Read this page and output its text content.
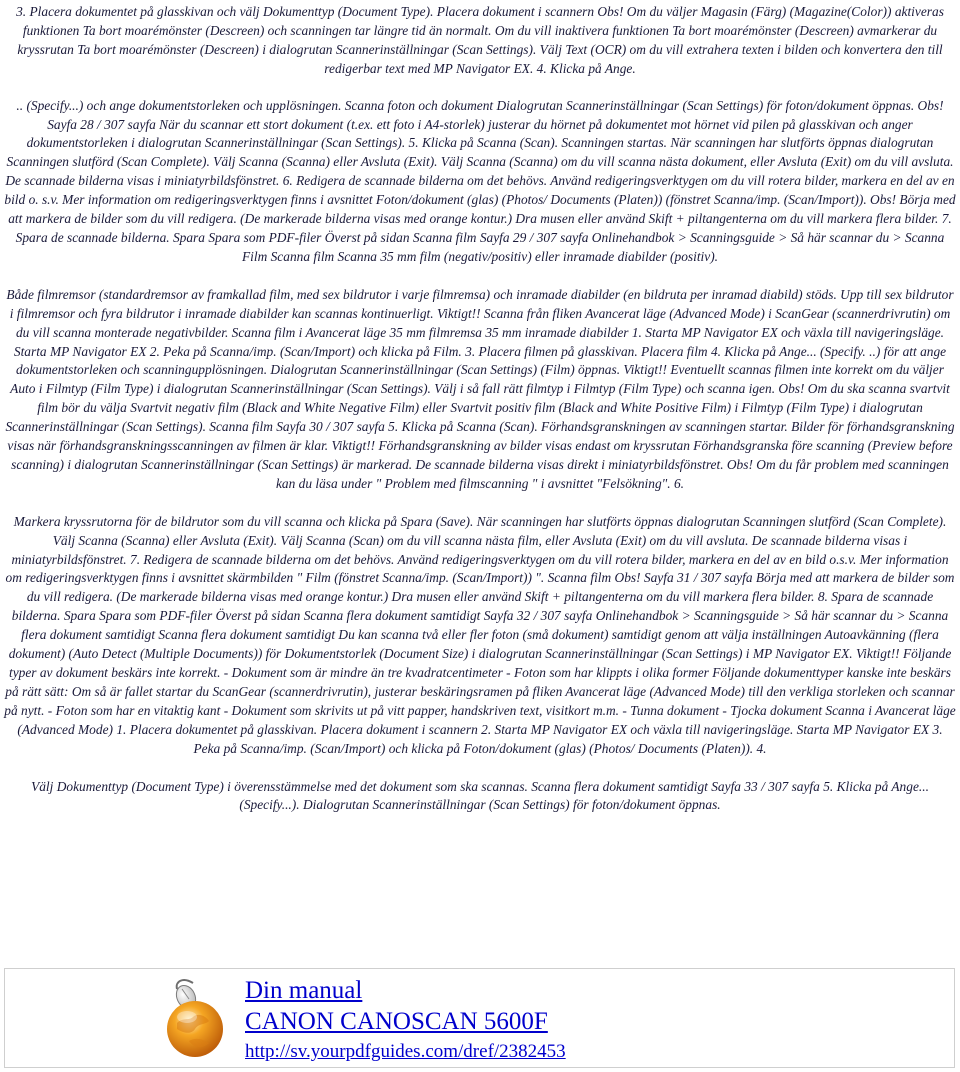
3. Placera dokumentet på glasskivan och välj Dokumenttyp (Document Type). Placera dokument i scannern Obs! Om du väljer Magasin (Färg) (Magazine(Color)) aktiveras funktionen Ta bort moarémönster (Descreen) och scanningen tar längre tid än normalt. Om du vill inaktivera funktionen Ta bort moarémönster (Descreen) avmarkerar du kryssrutan Ta bort moarémönster (Descreen) i dialogrutan Scannerinställningar (Scan Settings). Välj Text (OCR) om du vill extrahera texten i bilden och konvertera den till redigerbar text med MP Navigator EX. 4. Klicka på Ange.

.. (Specify...) och ange dokumentstorleken och upplösningen. Scanna foton och dokument Dialogrutan Scannerinställningar (Scan Settings) för foton/dokument öppnas. Obs! Sayfa 28 / 307 sayfa När du scannar ett stort dokument (t.ex. ett foto i A4-storlek) justerar du hörnet på dokumentet mot hörnet vid pilen på glasskivan och anger dokumentstorleken i dialogrutan Scannerinställningar (Scan Settings). 5. Klicka på Scanna (Scan). Scanningen startas. När scanningen har slutförts öppnas dialogrutan Scanningen slutförd (Scan Complete). Välj Scanna (Scanna) eller Avsluta (Exit). Välj Scanna (Scanna) om du vill scanna nästa dokument, eller Avsluta (Exit) om du vill avsluta. De scannade bilderna visas i miniatyrbildsfönstret. 6. Redigera de scannade bilderna om det behövs. Använd redigeringsverktygen om du vill rotera bilder, markera en del av en bild o. s.v. Mer information om redigeringsverktygen finns i avsnittet Foton/dokument (glas) (Photos/ Documents (Platen)) (fönstret Scanna/imp. (Scan/Import)). Obs! Börja med att markera de bilder som du vill redigera. (De markerade bilderna visas med orange kontur.) Dra musen eller använd Skift + piltangenterna om du vill markera flera bilder. 7. Spara de scannade bilderna. Spara Spara som PDF-filer Överst på sidan Scanna film Sayfa 29 / 307 sayfa Onlinehandbok > Scanningsguide > Så här scannar du > Scanna Film Scanna film Scanna 35 mm film (negativ/positiv) eller inramade diabilder (positiv).

Både filmremsor (standardremsor av framkallad film, med sex bildrutor i varje filmremsa) och inramade diabilder (en bildruta per inramad diabild) stöds. Upp till sex bildrutor i filmremsor och fyra bildrutor i inramade diabilder kan scannas kontinuerligt. Viktigt!! Scanna från fliken Avancerat läge (Advanced Mode) i ScanGear (scannerdrivrutin) om du vill scanna monterade negativbilder. Scanna film i Avancerat läge 35 mm filmremsa 35 mm inramade diabilder 1. Starta MP Navigator EX och växla till navigeringsläge. Starta MP Navigator EX 2. Peka på Scanna/imp. (Scan/Import) och klicka på Film. 3. Placera filmen på glasskivan. Placera film 4. Klicka på Ange... (Specify. ..) för att ange dokumentstorleken och scanningupplösningen. Dialogrutan Scannerinställningar (Scan Settings) (Film) öppnas. Viktigt!! Eventuellt scannas filmen inte korrekt om du väljer Auto i Filmtyp (Film Type) i dialogrutan Scannerinställningar (Scan Settings). Välj i så fall rätt filmtyp i Filmtyp (Film Type) och scanna igen. Obs! Om du ska scanna svartvit film bör du välja Svartvit negativ film (Black and White Negative Film) eller Svartvit positiv film (Black and White Positive Film) i Filmtyp (Film Type) i dialogrutan Scannerinställningar (Scan Settings). Scanna film Sayfa 30 / 307 sayfa 5. Klicka på Scanna (Scan). Förhandsgranskningen av scanningen startar. Bilder för förhandsgranskning visas när förhandsgranskningsscanningen av filmen är klar. Viktigt!! Förhandsgranskning av bilder visas endast om kryssrutan Förhandsgranska före scanning (Preview before scanning) i dialogrutan Scannerinställningar (Scan Settings) är markerad. De scannade bilderna visas direkt i miniatyrbildsfönstret. Obs! Om du får problem med scanningen kan du läsa under " Problem med filmscanning " i avsnittet "Felsökning". 6.

Markera kryssrutorna för de bildrutor som du vill scanna och klicka på Spara (Save). När scanningen har slutförts öppnas dialogrutan Scanningen slutförd (Scan Complete). Välj Scanna (Scanna) eller Avsluta (Exit). Välj Scanna (Scan) om du vill scanna nästa film, eller Avsluta (Exit) om du vill avsluta. De scannade bilderna visas i miniatyrbildsfönstret. 7. Redigera de scannade bilderna om det behövs. Använd redigeringsverktygen om du vill rotera bilder, markera en del av en bild o.s.v. Mer information om redigeringsverktygen finns i avsnittet skärmbilden " Film (fönstret Scanna/imp. (Scan/Import)) ". Scanna film Obs! Sayfa 31 / 307 sayfa Börja med att markera de bilder som du vill redigera. (De markerade bilderna visas med orange kontur.) Dra musen eller använd Skift + piltangenterna om du vill markera flera bilder. 8. Spara de scannade bilderna. Spara Spara som PDF-filer Överst på sidan Scanna flera dokument samtidigt Sayfa 32 / 307 sayfa Onlinehandbok > Scanningsguide > Så här scannar du > Scanna flera dokument samtidigt Scanna flera dokument samtidigt Du kan scanna två eller fler foton (små dokument) samtidigt genom att välja inställningen Autoavkänning (flera dokument) (Auto Detect (Multiple Documents)) för Dokumentstorlek (Document Size) i dialogrutan Scannerinställningar (Scan Settings) i MP Navigator EX. Viktigt!! Följande typer av dokument beskärs inte korrekt. - Dokument som är mindre än tre kvadratcentimeter - Foton som har klippts i olika former Följande dokumenttyper kanske inte beskärs på rätt sätt: Om så är fallet startar du ScanGear (scannerdrivrutin), justerar beskäringsramen på fliken Avancerat läge (Advanced Mode) till den verkliga storleken och scannar på nytt. - Foton som har en vitaktig kant - Dokument som skrivits ut på vitt papper, handskriven text, visitkort m.m. - Tunna dokument - Tjocka dokument Scanna i Avancerat läge (Advanced Mode) 1. Placera dokumentet på glasskivan. Placera dokument i scannern 2. Starta MP Navigator EX och växla till navigeringsläge. Starta MP Navigator EX 3. Peka på Scanna/imp. (Scan/Import) och klicka på Foton/dokument (glas) (Photos/ Documents (Platen)). 4.

Välj Dokumenttyp (Document Type) i överensstämmelse med det dokument som ska scannas. Scanna flera dokument samtidigt Sayfa 33 / 307 sayfa 5. Klicka på Ange... (Specify...). Dialogrutan Scannerinställningar (Scan Settings) för foton/dokument öppnas.

Din manual
CANON CANOSCAN 5600F
http://sv.yourpdfguides.com/dref/2382453
